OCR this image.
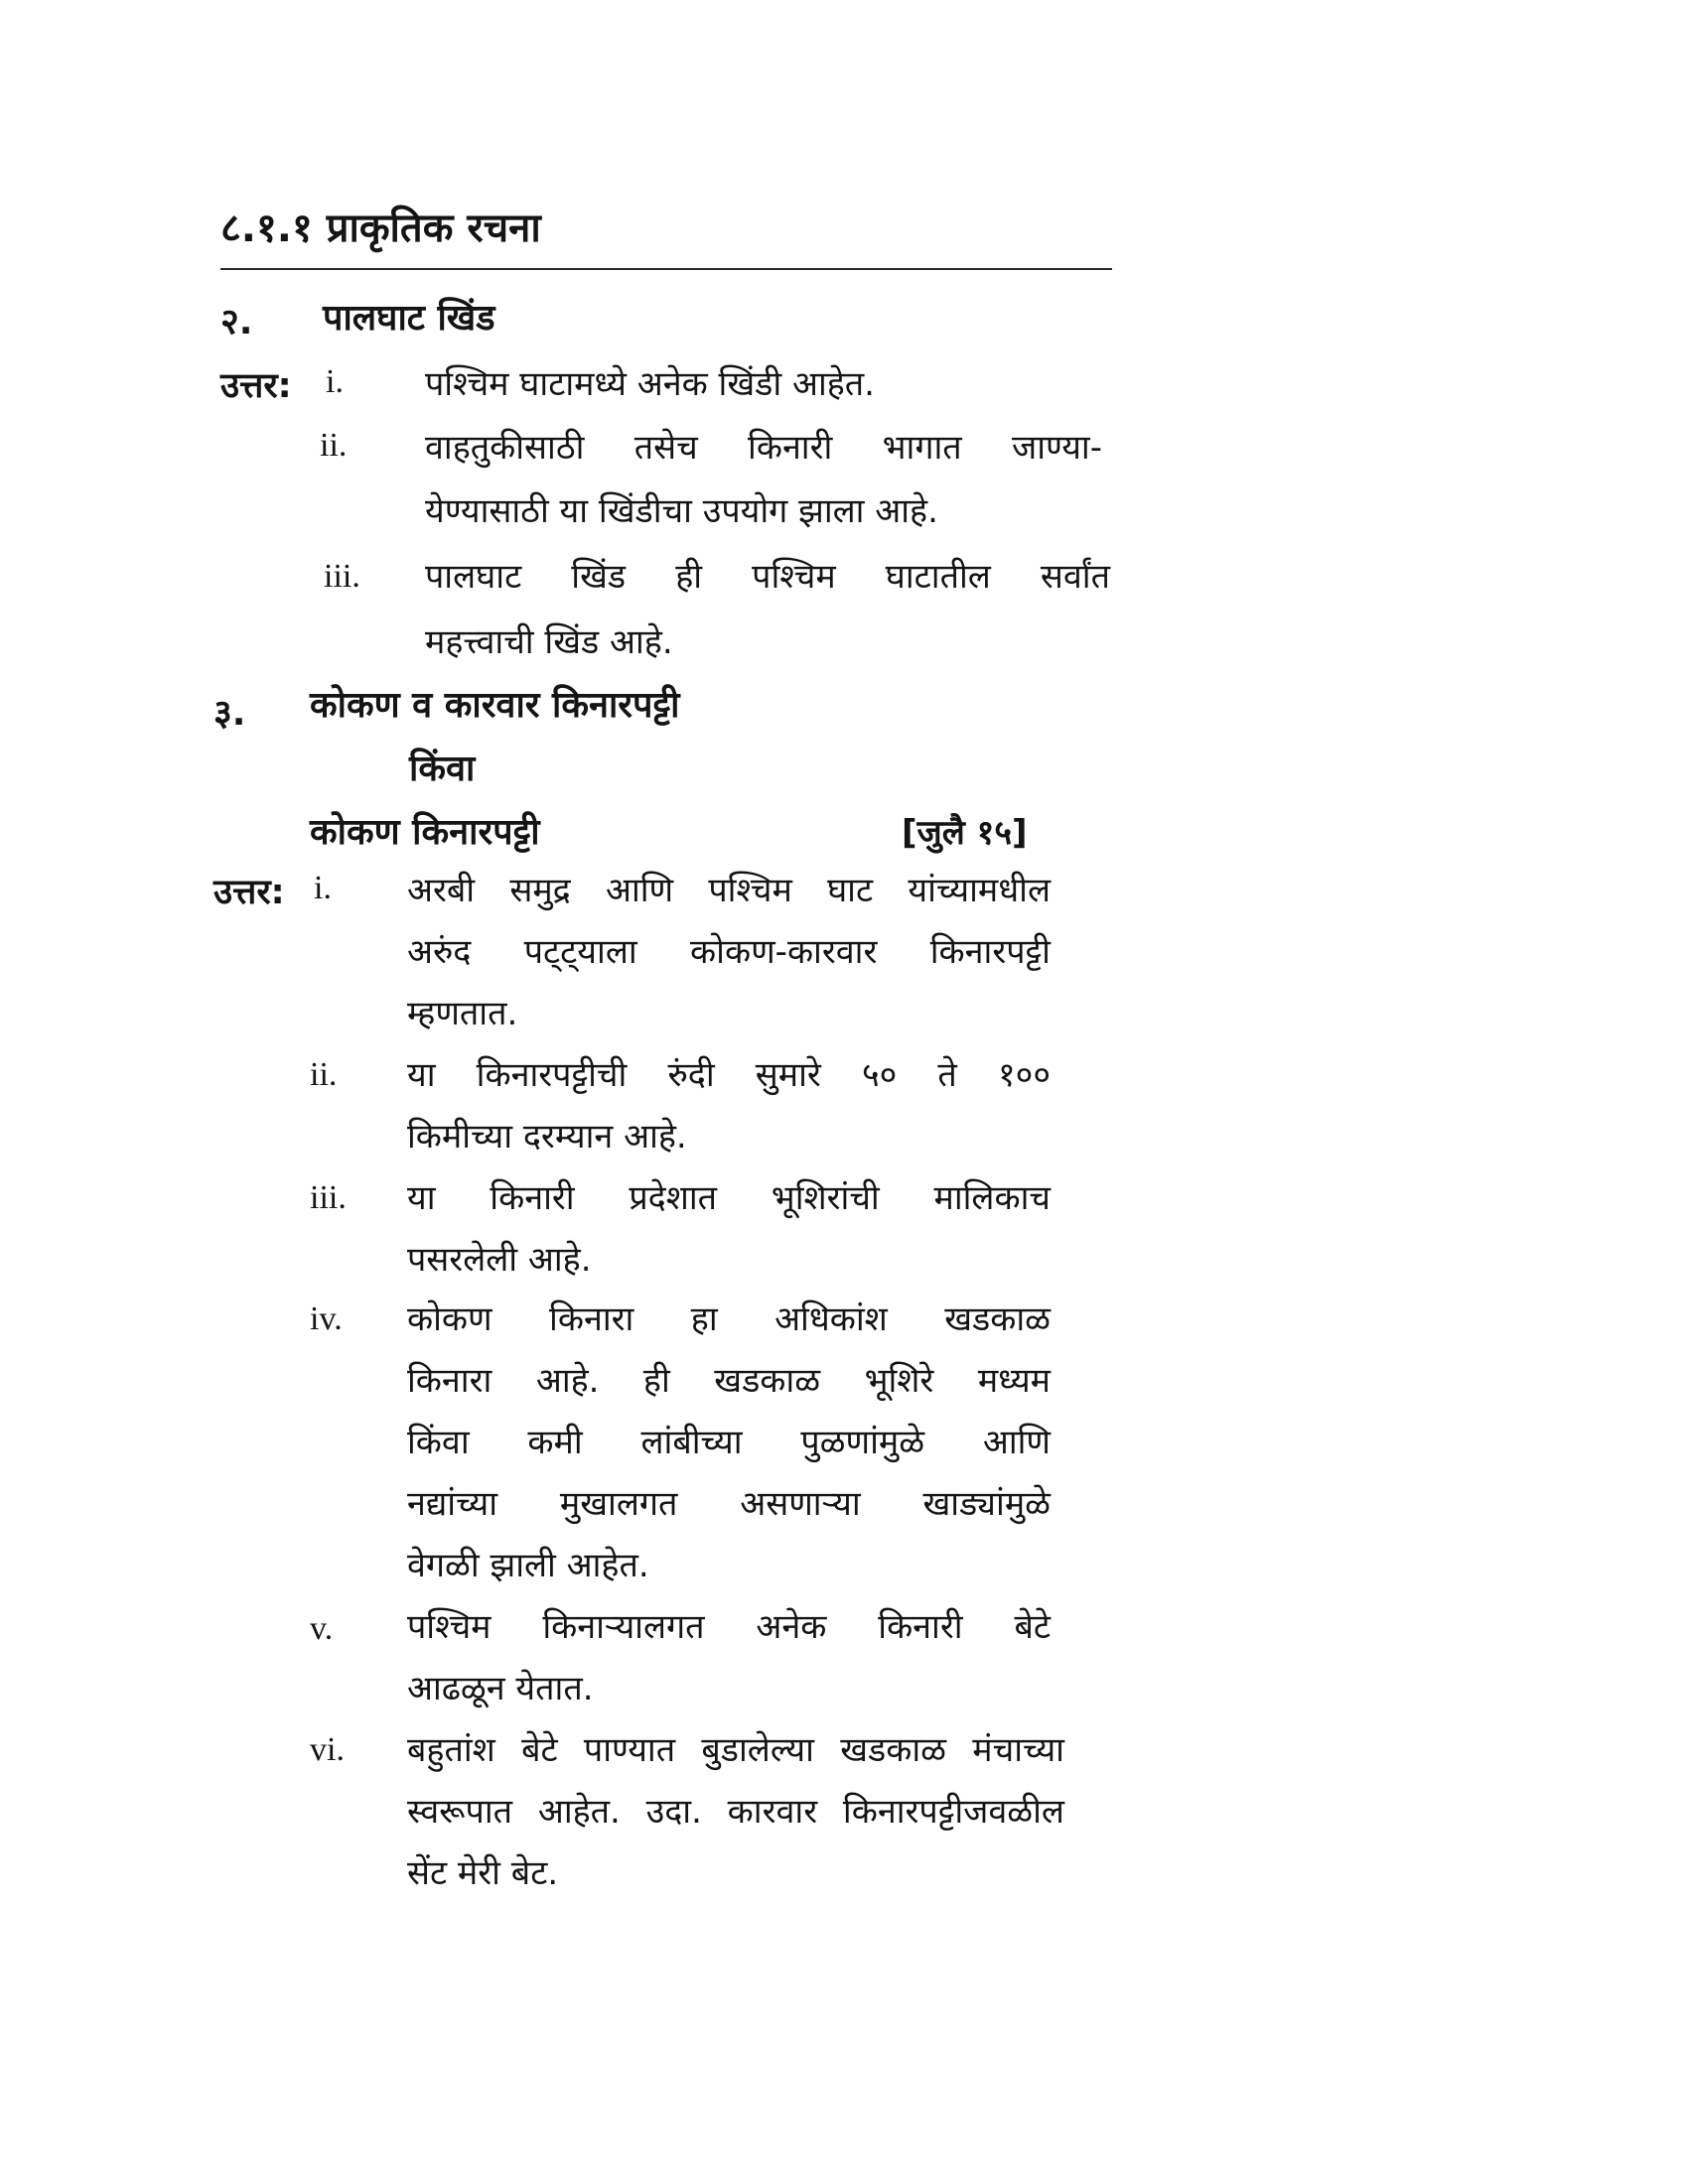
८.१.१ प्राकृतिक रचना
२. पालघाट खिंड
उत्तर: i. पश्चिम घाटामध्ये अनेक खिंडी आहेत.
ii. वाहतुकीसाठी तसेच किनारी भागात जाण्या-
येण्यासाठी या खिंडीचा उपयोग झाला आहे.
iii. पालघाट खिंड ही पश्चिम घाटातील सर्वांत
महत्त्वाची खिंड आहे.
३. कोकण व कारवार किनारपट्टी
किंवा
कोकण किनारपट्टी	[जुलै १५]
उत्तर: i. अरबी समुद्र आणि पश्चिम घाट यांच्यामधील
अरुंद पट्ट्याला कोकण-कारवार किनारपट्टी
म्हणतात.
ii. या किनारपट्टीची रुंदी सुमारे ५० ते १००
किमीच्या दरम्यान आहे.
iii. या किनारी प्रदेशात भूशिरांची मालिकाच
पसरलेली आहे.
iv. कोकण किनारा हा अधिकांश खडकाळ
किनारा आहे. ही खडकाळ भूशिरे मध्यम
किंवा कमी लांबीच्या पुळणांमुळे आणि
नद्यांच्या मुखालगत असणाऱ्या खाड्यांमुळे
वेगळी झाली आहेत.
v. पश्चिम किनाऱ्यालगत अनेक किनारी बेटे
आढळून येतात.
vi. बहुतांश बेटे पाण्यात बुडालेल्या खडकाळ मंचाच्या
स्वरूपात आहेत. उदा. कारवार किनारपट्टीजवळील
सेंट मेरी बेट.
